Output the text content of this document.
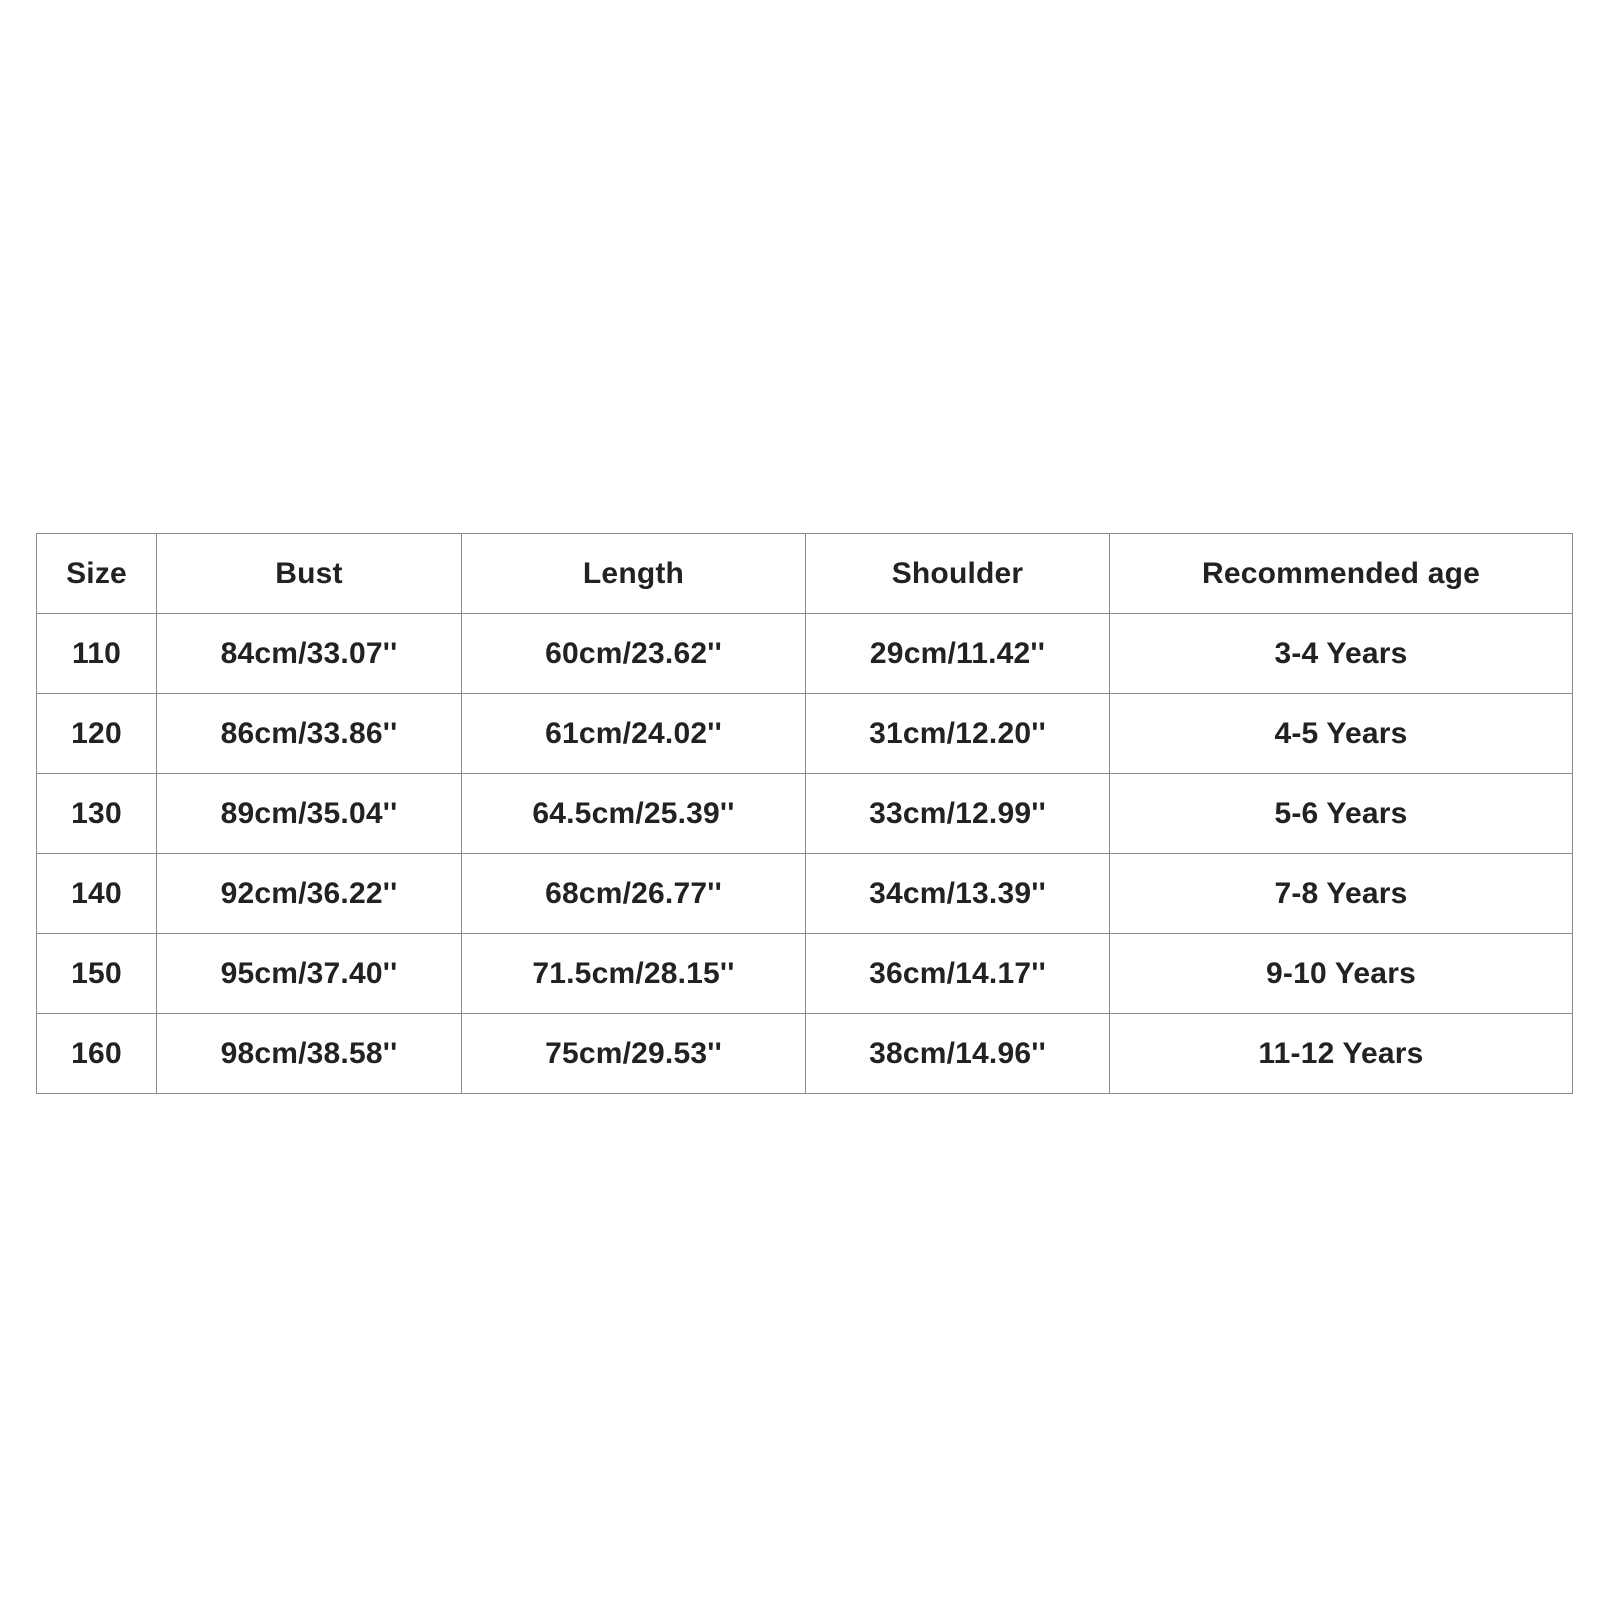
Size	Bust	Length	Shoulder	Recommended age
110	84cm/33.07''	60cm/23.62''	29cm/11.42''	3-4 Years
120	86cm/33.86''	61cm/24.02''	31cm/12.20''	4-5 Years
130	89cm/35.04''	64.5cm/25.39''	33cm/12.99''	5-6 Years
140	92cm/36.22''	68cm/26.77''	34cm/13.39''	7-8 Years
150	95cm/37.40''	71.5cm/28.15''	36cm/14.17''	9-10 Years
160	98cm/38.58''	75cm/29.53''	38cm/14.96''	11-12 Years
